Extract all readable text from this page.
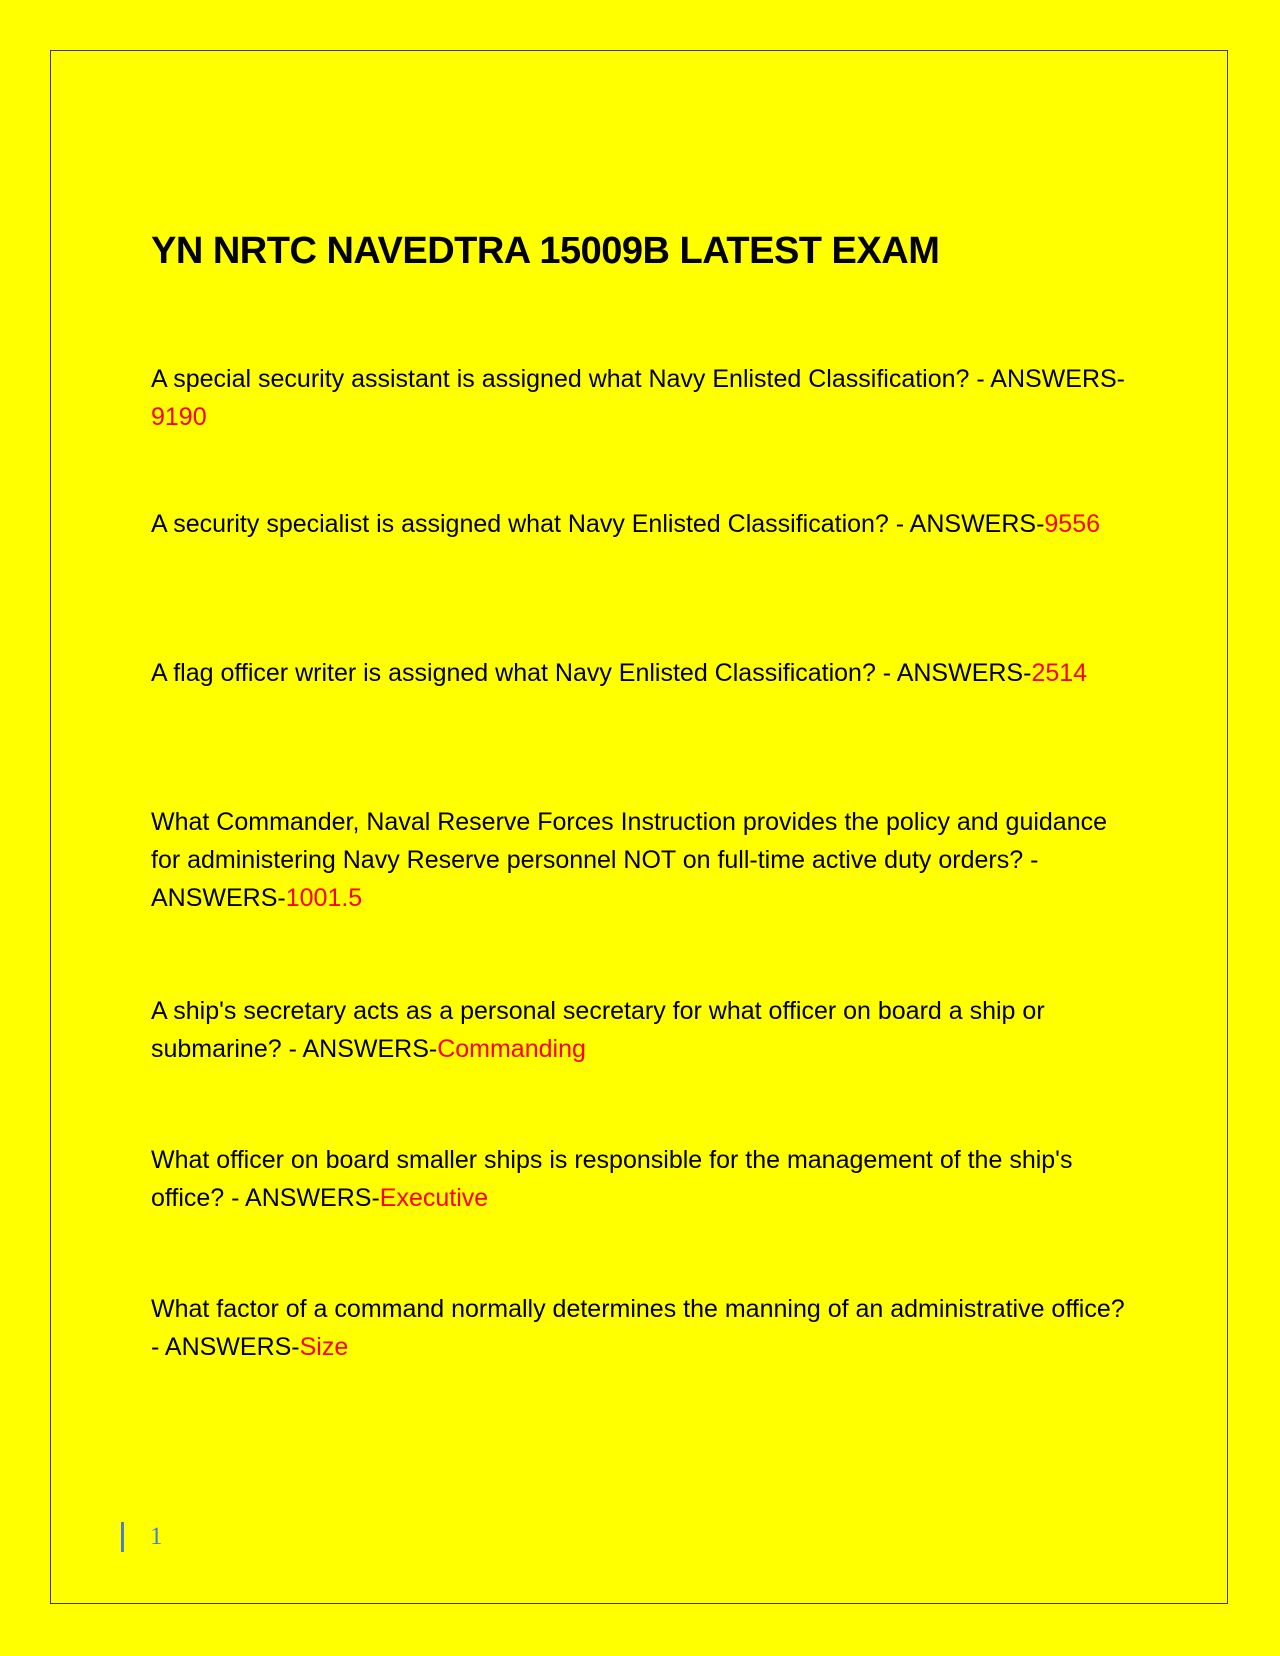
YN NRTC NAVEDTRA 15009B LATEST EXAM

A special security assistant is assigned what Navy Enlisted Classification? - ANSWERS-9190

A security specialist is assigned what Navy Enlisted Classification? - ANSWERS-9556

A flag officer writer is assigned what Navy Enlisted Classification? - ANSWERS-2514

What Commander, Naval Reserve Forces Instruction provides the policy and guidance for administering Navy Reserve personnel NOT on full-time active duty orders? - ANSWERS-1001.5

A ship's secretary acts as a personal secretary for what officer on board a ship or submarine? - ANSWERS-Commanding

What officer on board smaller ships is responsible for the management of the ship's office? - ANSWERS-Executive

What factor of a command normally determines the manning of an administrative office? - ANSWERS-Size

1
